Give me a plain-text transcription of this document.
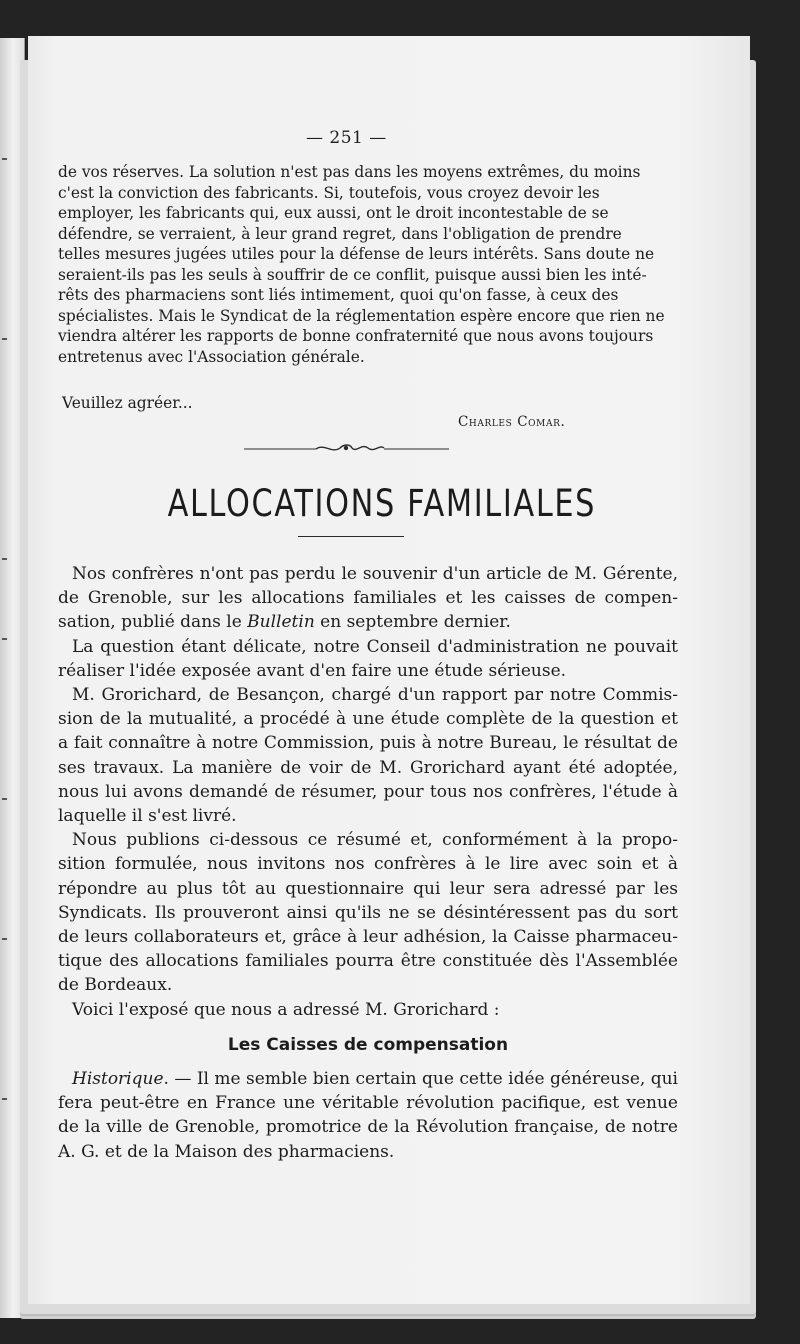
— 251 —

de vos réserves. La solution n'est pas dans les moyens extrêmes, du moins

c'est la conviction des fabricants. Si, toutefois, vous croyez devoir les

employer, les fabricants qui, eux aussi, ont le droit incontestable de se

défendre, se verraient, à leur grand regret, dans l'obligation de prendre

telles mesures jugées utiles pour la défense de leurs intérêts. Sans doute ne

seraient-ils pas les seuls à souffrir de ce conflit, puisque aussi bien les inté-

rêts des pharmaciens sont liés intimement, quoi qu'on fasse, à ceux des

spécialistes. Mais le Syndicat de la réglementation espère encore que rien ne

viendra altérer les rapports de bonne confraternité que nous avons toujours

entretenus avec l'Association générale.

Veuillez agréer...
Charles Comar.
ALLOCATIONS FAMILIALES

Nos confrères n'ont pas perdu le souvenir d'un article de M. Gérente, de Grenoble, sur les allocations familiales et les caisses de compen-sation, publié dans le Bulletin en septembre dernier.

La question étant délicate, notre Conseil d'administration ne pouvait réaliser l'idée exposée avant d'en faire une étude sérieuse.

M. Grorichard, de Besançon, chargé d'un rapport par notre Commis-sion de la mutualité, a procédé à une étude complète de la question et a fait connaître à notre Commission, puis à notre Bureau, le résultat de ses travaux. La manière de voir de M. Grorichard ayant été adoptée, nous lui avons demandé de résumer, pour tous nos confrères, l'étude à laquelle il s'est livré.

Nous publions ci-dessous ce résumé et, conformément à la propo-sition formulée, nous invitons nos confrères à le lire avec soin et à répondre au plus tôt au questionnaire qui leur sera adressé par les Syndicats. Ils prouveront ainsi qu'ils ne se désintéressent pas du sort de leurs collaborateurs et, grâce à leur adhésion, la Caisse pharmaceu-tique des allocations familiales pourra être constituée dès l'Assemblée de Bordeaux.

Voici l'exposé que nous a adressé M. Grorichard :

Les Caisses de compensation

Historique. — Il me semble bien certain que cette idée généreuse, qui fera peut-être en France une véritable révolution pacifique, est venue de la ville de Grenoble, promotrice de la Révolution française, de notre A. G. et de la Maison des pharmaciens.
